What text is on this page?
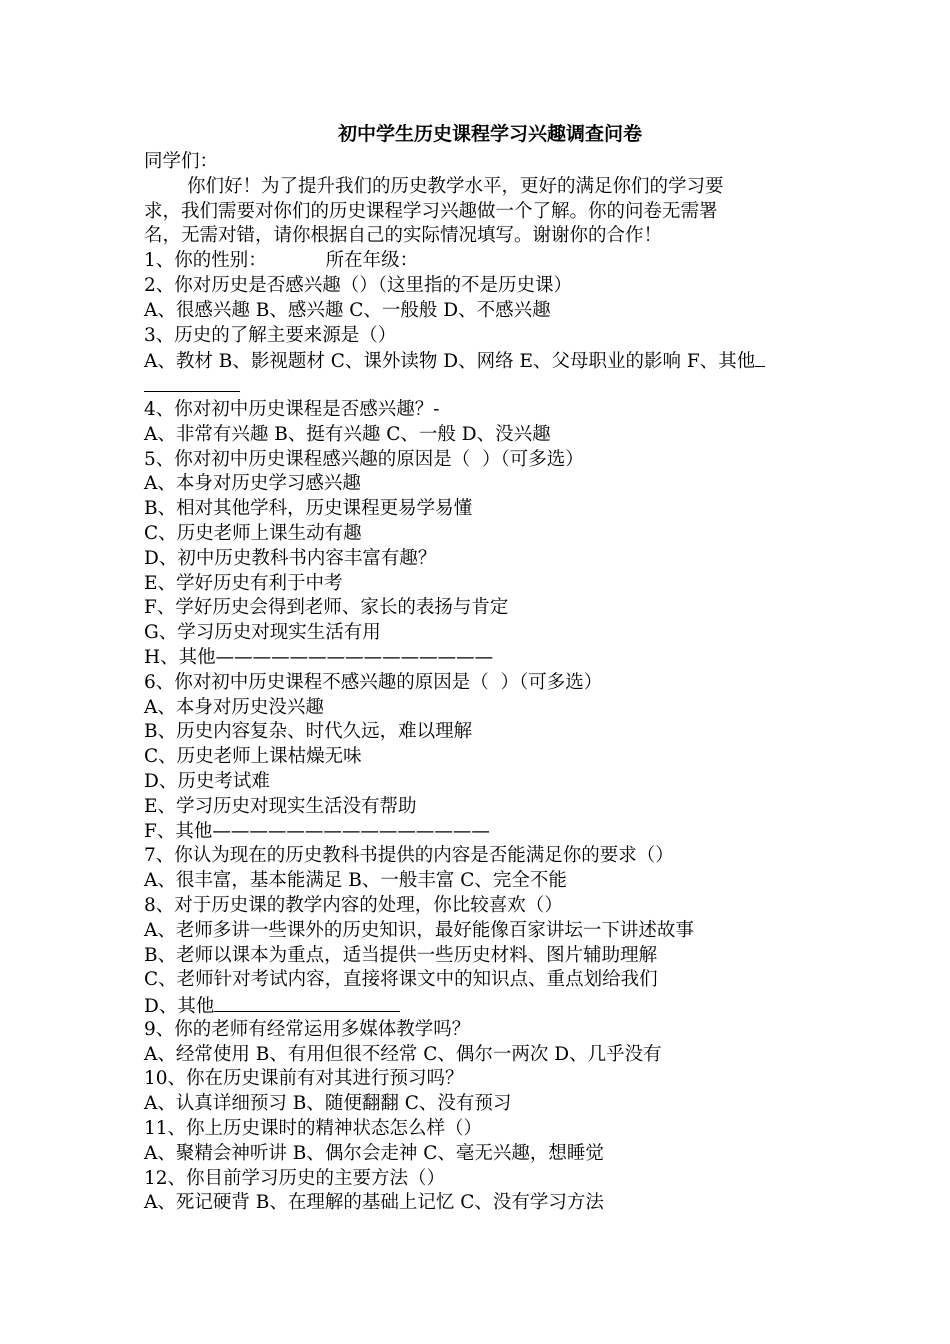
初中学生历史课程学习兴趣调查问卷
同学们：
你们好！为了提升我们的历史教学水平，更好的满足你们的学习要
求，我们需要对你们的历史课程学习兴趣做一个了解。你的问卷无需署
名，无需对错，请你根据自己的实际情况填写。谢谢你的合作！
1、你的性别：          所在年级：
2、你对历史是否感兴趣（）（这里指的不是历史课）
A、很感兴趣 B、感兴趣 C、一般般 D、不感兴趣
3、历史的了解主要来源是（）
A、教材 B、影视题材 C、课外读物 D、网络 E、父母职业的影响 F、其他
4、你对初中历史课程是否感兴趣？-
A、非常有兴趣 B、挺有兴趣 C、一般 D、没兴趣
5、你对初中历史课程感兴趣的原因是（  ）（可多选）
A、本身对历史学习感兴趣
B、相对其他学科，历史课程更易学易懂
C、历史老师上课生动有趣
D、初中历史教科书内容丰富有趣？
E、学好历史有利于中考
F、学好历史会得到老师、家长的表扬与肯定
G、学习历史对现实生活有用
H、其他———————————————
6、你对初中历史课程不感兴趣的原因是（  ）（可多选）
A、本身对历史没兴趣
B、历史内容复杂、时代久远，难以理解
C、历史老师上课枯燥无味
D、历史考试难
E、学习历史对现实生活没有帮助
F、其他———————————————
7、你认为现在的历史教科书提供的内容是否能满足你的要求（）
A、很丰富，基本能满足 B、一般丰富 C、完全不能
8、对于历史课的教学内容的处理，你比较喜欢（）
A、老师多讲一些课外的历史知识，最好能像百家讲坛一下讲述故事
B、老师以课本为重点，适当提供一些历史材料、图片辅助理解
C、老师针对考试内容，直接将课文中的知识点、重点划给我们
D、其他
9、你的老师有经常运用多媒体教学吗？
A、经常使用 B、有用但很不经常 C、偶尔一两次 D、几乎没有
10、你在历史课前有对其进行预习吗？
A、认真详细预习 B、随便翻翻 C、没有预习
11、你上历史课时的精神状态怎么样（）
A、聚精会神听讲 B、偶尔会走神 C、毫无兴趣，想睡觉
12、你目前学习历史的主要方法（）
A、死记硬背 B、在理解的基础上记忆 C、没有学习方法
